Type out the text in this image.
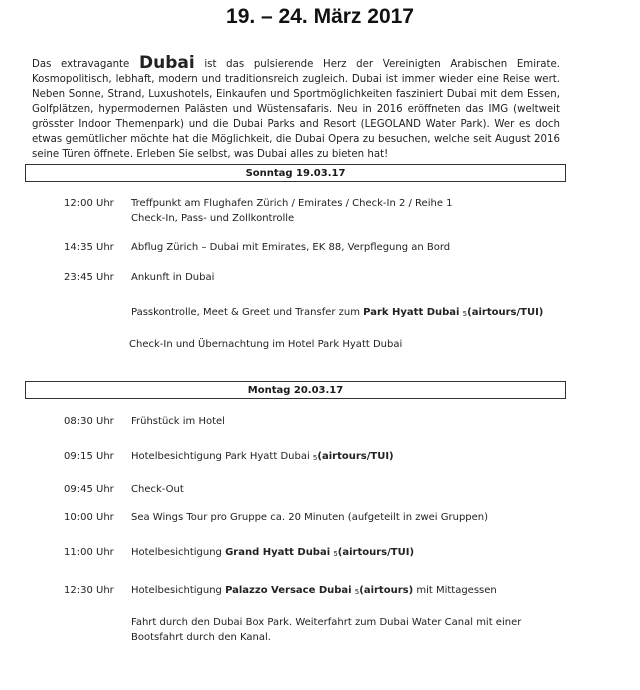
19. – 24. März 2017
Das extravagante Dubai ist das pulsierende Herz der Vereinigten Arabischen Emirate. Kosmopolitisch, lebhaft, modern und traditionsreich zugleich. Dubai ist immer wieder eine Reise wert. Neben Sonne, Strand, Luxushotels, Einkaufen und Sportmöglichkeiten fasziniert Dubai mit dem Essen, Golfplätzen, hypermodernen Palästen und Wüstensafaris. Neu in 2016 eröffneten das IMG (weltweit grösster Indoor Themenpark) und die Dubai Parks and Resort (LEGOLAND Water Park). Wer es doch etwas gemütlicher möchte hat die Möglichkeit, die Dubai Opera zu besuchen, welche seit August 2016 seine Türen öffnete. Erleben Sie selbst, was Dubai alles zu bieten hat!
Sonntag 19.03.17
12:00 Uhr	Treffpunkt am Flughafen Zürich / Emirates / Check-In 2 / Reihe 1
Check-In, Pass- und Zollkontrolle
14:35 Uhr	Abflug Zürich – Dubai mit Emirates, EK 88, Verpflegung an Bord
23:45 Uhr	Ankunft in Dubai
Passkontrolle, Meet & Greet und Transfer zum Park Hyatt Dubai 5(airtours/TUI)
Check-In und Übernachtung im Hotel Park Hyatt Dubai
Montag 20.03.17
08:30 Uhr	Frühstück im Hotel
09:15 Uhr	Hotelbesichtigung Park Hyatt Dubai 5(airtours/TUI)
09:45 Uhr	Check-Out
10:00 Uhr	Sea Wings Tour pro Gruppe ca. 20 Minuten (aufgeteilt in zwei Gruppen)
11:00 Uhr	Hotelbesichtigung Grand Hyatt Dubai 5(airtours/TUI)
12:30 Uhr	Hotelbesichtigung Palazzo Versace Dubai 5(airtours) mit Mittagessen
Fahrt durch den Dubai Box Park. Weiterfahrt zum Dubai Water Canal mit einer Bootsfahrt durch den Kanal.
